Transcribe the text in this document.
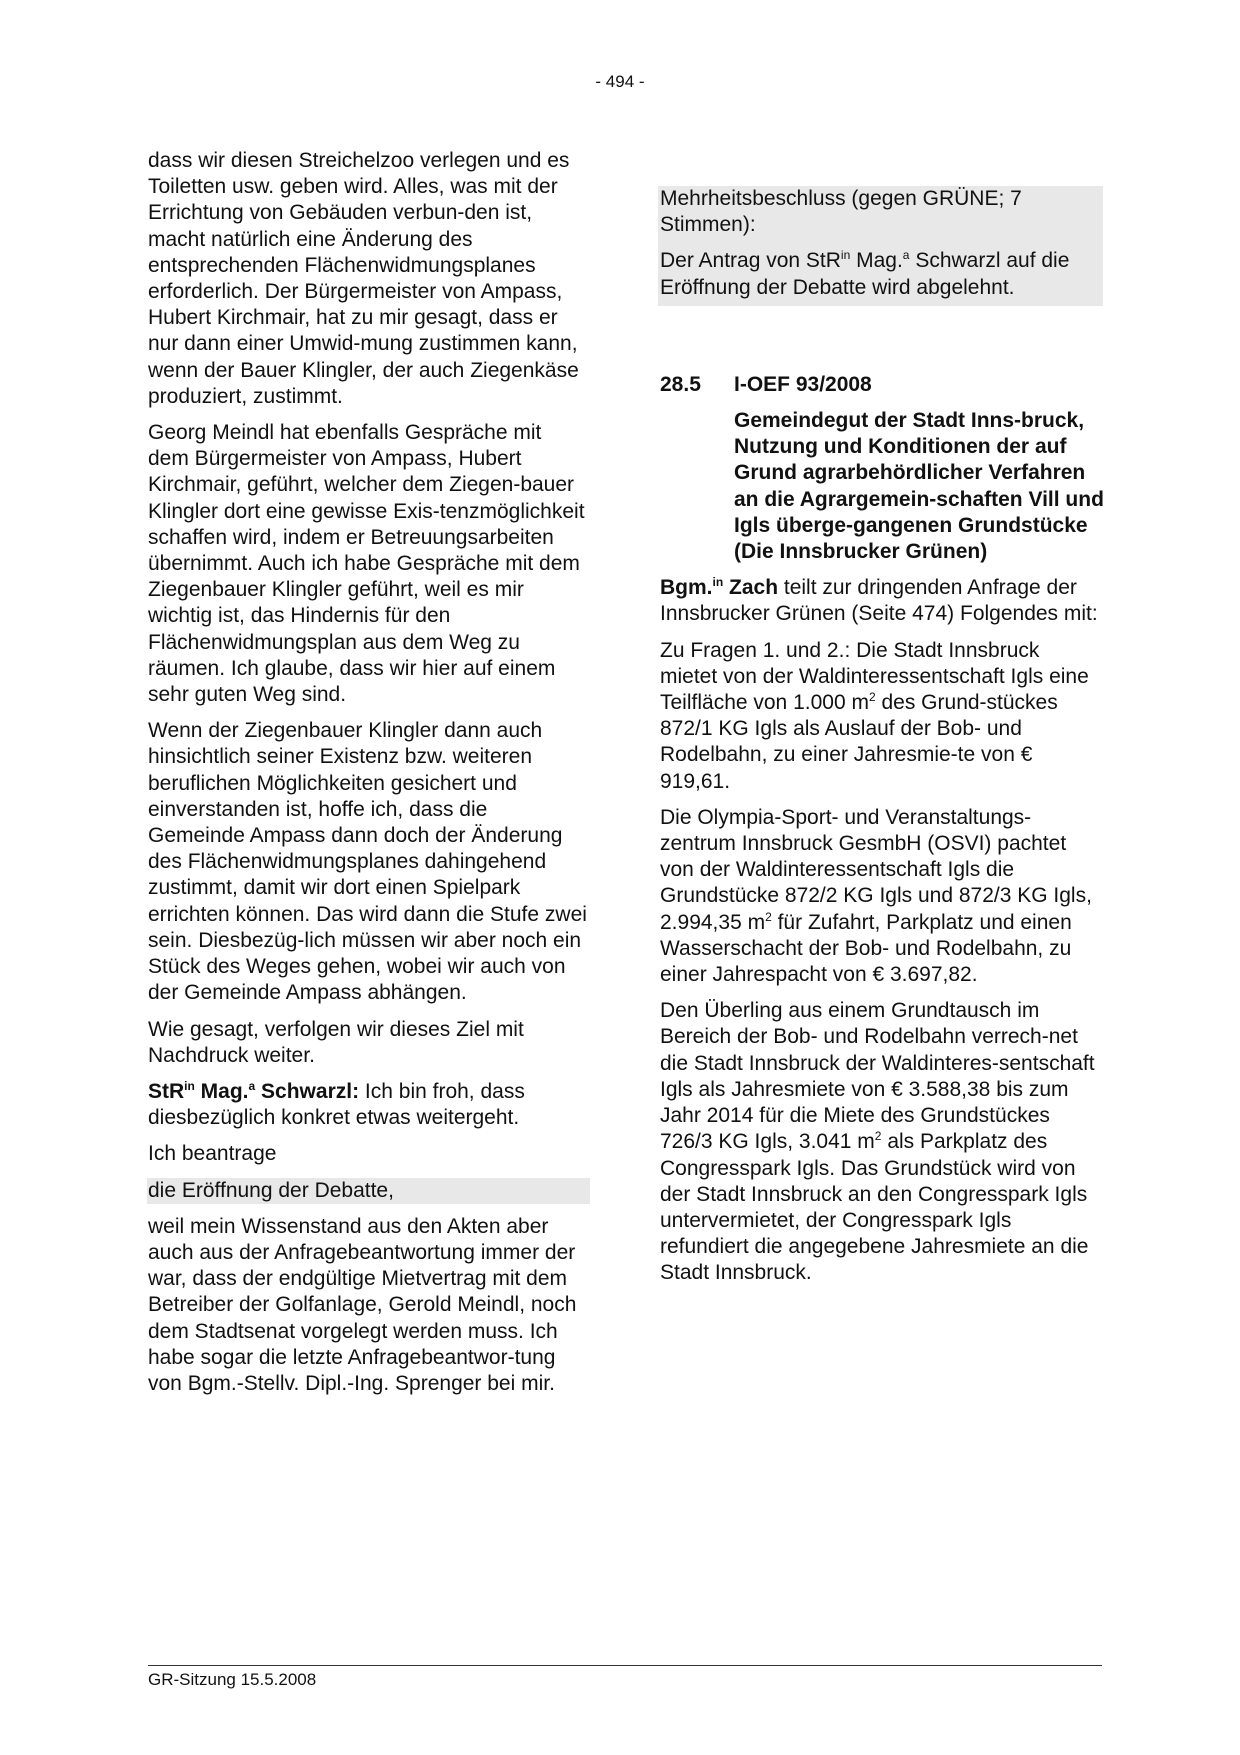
- 494 -

dass wir diesen Streichelzoo verlegen und es Toiletten usw. geben wird. Alles, was mit der Errichtung von Gebäuden verbun-den ist, macht natürlich eine Änderung des entsprechenden Flächenwidmungsplanes erforderlich. Der Bürgermeister von Ampass, Hubert Kirchmair, hat zu mir gesagt, dass er nur dann einer Umwid-mung zustimmen kann, wenn der Bauer Klingler, der auch Ziegenkäse produziert, zustimmt.

Georg Meindl hat ebenfalls Gespräche mit dem Bürgermeister von Ampass, Hubert Kirchmair, geführt, welcher dem Ziegen-bauer Klingler dort eine gewisse Exis-tenzmöglichkeit schaffen wird, indem er Betreuungsarbeiten übernimmt. Auch ich habe Gespräche mit dem Ziegenbauer Klingler geführt, weil es mir wichtig ist, das Hindernis für den Flächenwidmungsplan aus dem Weg zu räumen. Ich glaube, dass wir hier auf einem sehr guten Weg sind.

Wenn der Ziegenbauer Klingler dann auch hinsichtlich seiner Existenz bzw. weiteren beruflichen Möglichkeiten gesichert und einverstanden ist, hoffe ich, dass die Gemeinde Ampass dann doch der Änderung des Flächenwidmungsplanes dahingehend zustimmt, damit wir dort einen Spielpark errichten können. Das wird dann die Stufe zwei sein. Diesbezüg-lich müssen wir aber noch ein Stück des Weges gehen, wobei wir auch von der Gemeinde Ampass abhängen.

Wie gesagt, verfolgen wir dieses Ziel mit Nachdruck weiter.

StR$^{in}$ Mag.$^a$ Schwarzl: Ich bin froh, dass diesbezüglich konkret etwas weitergeht.

Ich beantrage

die Eröffnung der Debatte,

weil mein Wissenstand aus den Akten aber auch aus der Anfragebeantwortung immer der war, dass der endgültige Mietvertrag mit dem Betreiber der Golfanlage, Gerold Meindl, noch dem Stadtsenat vorgelegt werden muss. Ich habe sogar die letzte Anfragebeantwor-tung von Bgm.-Stellv. Dipl.-Ing. Sprenger bei mir.

Mehrheitsbeschluss (gegen GRÜNE; 7 Stimmen):

Der Antrag von StR$^{in}$ Mag.$^a$ Schwarzl auf die Eröffnung der Debatte wird abgelehnt.

28.5	I-OEF 93/2008
Gemeindegut der Stadt Inns-bruck, Nutzung und Konditionen der auf Grund agrarbehördlicher Verfahren an die Agrargemein-schaften Vill und Igls überge-gangenen Grundstücke (Die Innsbrucker Grünen)

Bgm.$^{in}$ Zach teilt zur dringenden Anfrage der Innsbrucker Grünen (Seite 474) Folgendes mit:

Zu Fragen 1. und 2.: Die Stadt Innsbruck mietet von der Waldinteressentschaft Igls eine Teilfläche von 1.000 $m^2$ des Grund-stückes 872/1 KG Igls als Auslauf der Bob- und Rodelbahn, zu einer Jahresmie-te von € 919,61.

Die Olympia-Sport- und Veranstaltungs-zentrum Innsbruck GesmbH (OSVI) pachtet von der Waldinteressentschaft Igls die Grundstücke 872/2 KG Igls und 872/3 KG Igls, 2.994,35 $m^2$ für Zufahrt, Parkplatz und einen Wasserschacht der Bob- und Rodelbahn, zu einer Jahrespacht von € 3.697,82.

Den Überling aus einem Grundtausch im Bereich der Bob- und Rodelbahn verrech-net die Stadt Innsbruck der Waldinteres-sentschaft Igls als Jahresmiete von € 3.588,38 bis zum Jahr 2014 für die Miete des Grundstückes 726/3 KG Igls, 3.041 $m^2$ als Parkplatz des Congresspark Igls. Das Grundstück wird von der Stadt Innsbruck an den Congresspark Igls untervermietet, der Congresspark Igls refundiert die angegebene Jahresmiete an die Stadt Innsbruck.

GR-Sitzung 15.5.2008
